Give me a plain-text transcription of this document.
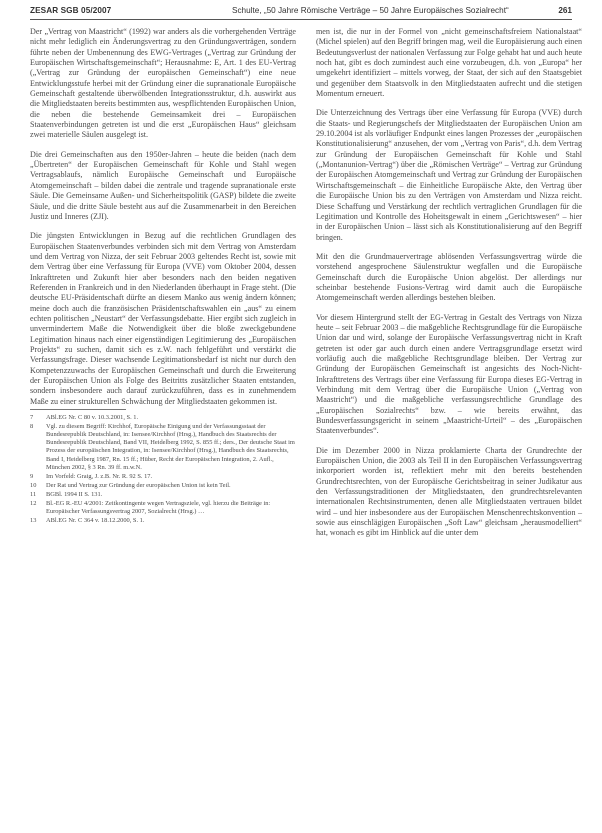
ZESAR SGB 05/2007	Schulte, „50 Jahre Römische Verträge – 50 Jahre Europäisches Sozialrecht“	261

Der „Vertrag von Maastricht“ (1992) war anders als die vorhergehenden Verträge nicht mehr lediglich ein Änderungsvertrag zu den Gründungsverträgen, sondern führte neben der Umbenennung des EWG-Vertrages („Vertrag zur Gründung der Europäischen Wirtschaftsgemeinschaft“; Herausnahme: E, Art. 1 des EU-Vertrag („Vertrag zur Gründung der europäischen Gemeinschaft“) eine neue Entwicklungsstufe herbei mit der Gründung einer die supranationale Europäische Gemeinschaft gestaltende überwölbenden Integrationsstruktur, d.h. auswirkt aus die Mitgliedstaaten bereits bestimmten aus, wespflichtenden Europäischen Union, die neben die bestehende Gemeinsamkeit drei – Europäischen Staatenverbindungen getreten ist und die erst „Europäischen Haus“ gleichsam zwei materielle Säulen ausgelegt ist.

Die drei Gemeinschaften aus den 1950er-Jahren – heute die beiden (nach dem „Übertreten“ der Europäischen Gemeinschaft für Kohle und Stahl wegen Vertragsablaufs, nämlich Europäische Gemeinschaft und Europäische Atomgemeinschaft – bilden dabei die zentrale und tragende supranationale erste Säule. Die Gemeinsame Außen- und Sicherheitspolitik (GASP) bildete die zweite Säule, und die dritte Säule besteht aus auf die Zusammenarbeit in den Bereichen Justiz und Inneres (ZJI).

Die jüngsten Entwicklungen in Bezug auf die rechtlichen Grundlagen des Europäischen Staatenverbundes verbinden sich mit dem Vertrag von Amsterdam und dem Vertrag von Nizza, der seit Februar 2003 geltendes Recht ist, sowie mit dem Vertrag über eine Verfassung für Europa (VVE) vom Oktober 2004, dessen Inkrafttreten und Zukunft hier aber besonders nach den beiden negativen Referenden in Frankreich und in den Niederlanden überhaupt in Frage steht. (Die deutsche EU-Präsidentschaft dürfte an diesem Manko aus wenig ändern können; meine doch auch die französischen Präsidentschaftswahlen ein „aus“ zu einem echten politischen „Neustart“ der Verfassungsdebatte. Hier ergibt sich zugleich in unvermindertem Maße die Notwendigkeit über die bloße zweckgebundene Legitimation hinaus nach einer eigenständigen Legitimierung des „Europäischen Projekts“ zu suchen, damit sich es z.W. nach fehlgeführt und verstärkt die Verfassungsfrage. Dieser wachsende Legitimationsbedarf ist nicht nur durch den Kompetenzzuwachs der Europäischen Gemeinschaft und durch die Erweiterung der Europäischen Union als Folge des Beitritts zusätzlicher Staaten entstanden, sondern insbesondere auch darauf zurückzuführen, dass es in zunehmendem Maße zu einer strukturellen Schwächung der Mitgliedstaaten gekommen ist.

7	ABl.EG Nr. C 80 v. 10.3.2001, S. 1.
8	Vgl. zu diesem Begriff: Kirchhof, Europäische Einigung und der Verfassungsstaat der Bundesrepublik Deutschland, in: Isensee/Kirchhof (Hrsg.), Handbuch des Staatsrechts der Bundesrepublik Deutschland, Band VII, Heidelberg 1992, S. 855 ff.; ders., Der deutsche Staat im Prozess der europäischen Integration, in: Isensee/Kirchhof (Hrsg.), Handbuch des Staatsrechts, Band I, Heidelberg 1987, Rn. 15 ff.; Hüber, Recht der Europäischen Integration, 2. Aufl., München 2002, § 3 Rn. 39 ff. m.w.N.
9	Im Vorfeld: Graig, J. z.B. Nr. R. 92 S. 17.
10	Der Rat und Vertrag zur Gründung der europäischen Union ist kein Teil.
11	BGBl. 1994 II S. 131.
12	Bl.-EG R.-EU 4/2001: Zeitkontingente wegen Vertragsziele, vgl. hierzu die Beiträge in: Europäischer Verfassungsvertrag 2007, Sozialrecht (Hrsg.) …
13	ABl.EG Nr. C 364 v. 18.12.2000, S. 1.

men ist, die nur in der Formel von „nicht gemeinschaftsfreiem Nationalstaat“ (Michel spielen) auf den Begriff bringen mag, weil die Europäisierung auch einen Bedeutungsverlust der nationalen Verfassung zur Folge gehabt hat und auch heute noch hat, gibt es doch zumindest auch eine vorzubeugen, d.h. von „Europa“ her umgekehrt identifiziert – mittels vorweg, der Staat, der sich auf den Staatsgebiet und gegenüber dem Staatsvolk in den Mitgliedstaaten aufrecht und die stetigen Momentum erneuert.

Die Unterzeichnung des Vertrags über eine Verfassung für Europa (VVE) durch die Staats- und Regierungschefs der Mitgliedstaaten der Europäischen Union am 29.10.2004 ist als vorläufiger Endpunkt eines langen Prozesses der „europäischen Konstitutionalisierung“ anzusehen, der vom „Vertrag von Paris“, d.h. dem Vertrag zur Gründung der Europäischen Gemeinschaft für Kohle und Stahl („Montanunion-Vertrag“) über die „Römischen Verträge“ – Vertrag zur Gründung der Europäischen Atomgemeinschaft und Vertrag zur Gründung der Europäischen Wirtschaftsgemeinschaft – die Einheitliche Europäische Akte, den Vertrag über die Europäische Union bis zu den Verträgen von Amsterdam und Nizza reicht. Diese Schaffung und Verstärkung der rechtlich vertraglichen Grundlagen für die Legitimation und Kontrolle des Hoheitsgewalt in einem „Gerichtswesen“ – hier in der Europäischen Union – lässt sich als Konstitutionalisierung auf den Begriff bringen.

Mit den die Grundmauervertrage ablösenden Verfassungsvertrag würde die vorstehend angesprochene Säulenstruktur wegfallen und die Europäische Gemeinschaft durch die Europäische Union abgelöst. Der allerdings nur scheinbar bestehende Fusions-Vertrag wird damit auch die Europäische Atomgemeinschaft werden allerdings bestehen bleiben.

Vor diesem Hintergrund stellt der EG-Vertrag in Gestalt des Vertrags von Nizza heute – seit Februar 2003 – die maßgebliche Rechtsgrundlage für die Europäische Union dar und wird, solange der Europäische Verfassungsvertrag nicht in Kraft getreten ist oder gar auch durch einen andere Vertragsgrundlage ersetzt wird vorläufig auch die maßgebliche Rechtsgrundlage bleiben. Der Vertrag zur Gründung der Europäischen Gemeinschaft ist angesichts des Noch-Nicht-Inkrafttretens des Vertrags über eine Verfassung für Europa dieses EG-Vertrag in Verbindung mit dem Vertrag über die Europäische Union („Vertrag von Maastricht“) und die maßgebliche verfassungsrechtliche Grundlage des „Europäischen Sozialrechts“ bzw. – wie bereits erwähnt, das Bundesverfassungsgericht in seinem „Maastricht-Urteil“ – des „Europäischen Staatenverbundes“.

Die im Dezember 2000 in Nizza proklamierte Charta der Grundrechte der Europäischen Union, die 2003 als Teil II in den Europäischen Verfassungsvertrag inkorporiert worden ist, reflektiert mehr mit den bereits bestehenden Grundrechtsrechten, von der Europäische Gerichtsbeitrag in seiner Judikatur aus den Verfassungstraditionen der Mitgliedstaaten, den grundrechtsrelevanten internationalen Rechtsinstrumenten, denen alle Mitgliedstaaten vertrauen bildet wird – und hier insbesondere aus der Europäischen Menschenrechtskonvention – sowie aus einschlägigen Europäischen „Soft Law“ gleichsam „herausmodelliert“ hat, wonach es gibt im Hinblick auf die unter dem
